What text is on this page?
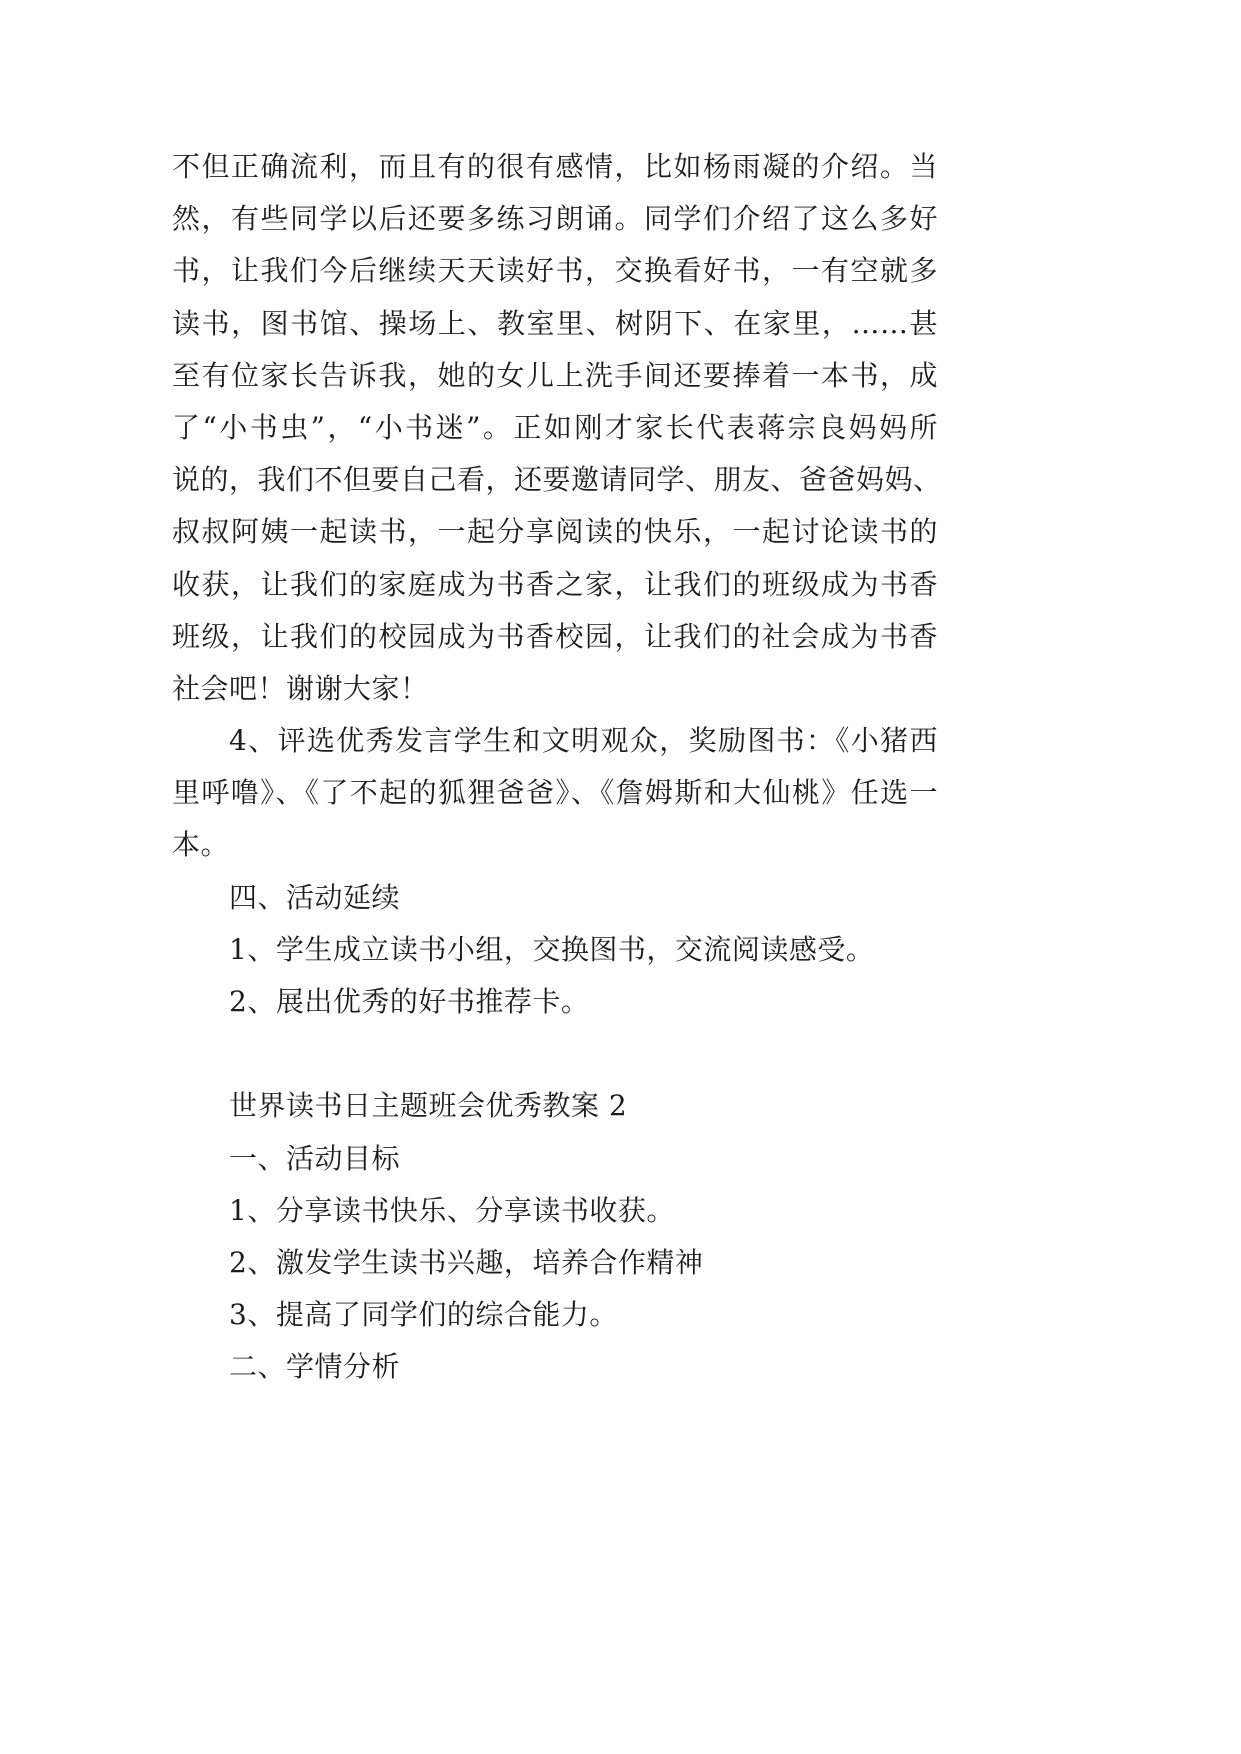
不但正确流利，而且有的很有感情，比如杨雨凝的介绍。当
然，有些同学以后还要多练习朗诵。同学们介绍了这么多好
书，让我们今后继续天天读好书，交换看好书，一有空就多
读书，图书馆、操场上、教室里、树阴下、在家里，……甚
至有位家长告诉我，她的女儿上洗手间还要捧着一本书，成
了“小书虫”，“小书迷”。正如刚才家长代表蒋宗良妈妈所
说的，我们不但要自己看，还要邀请同学、朋友、爸爸妈妈、
叔叔阿姨一起读书，一起分享阅读的快乐，一起讨论读书的
收获，让我们的家庭成为书香之家，让我们的班级成为书香
班级，让我们的校园成为书香校园，让我们的社会成为书香
社会吧！谢谢大家！
4、评选优秀发言学生和文明观众，奖励图书：《小猪西
里呼噜》、《了不起的狐狸爸爸》、《詹姆斯和大仙桃》任选一
本。
四、活动延续
1、学生成立读书小组，交换图书，交流阅读感受。
2、展出优秀的好书推荐卡。
世界读书日主题班会优秀教案 2
一、活动目标
1、分享读书快乐、分享读书收获。
2、激发学生读书兴趣，培养合作精神
3、提高了同学们的综合能力。
二、学情分析
